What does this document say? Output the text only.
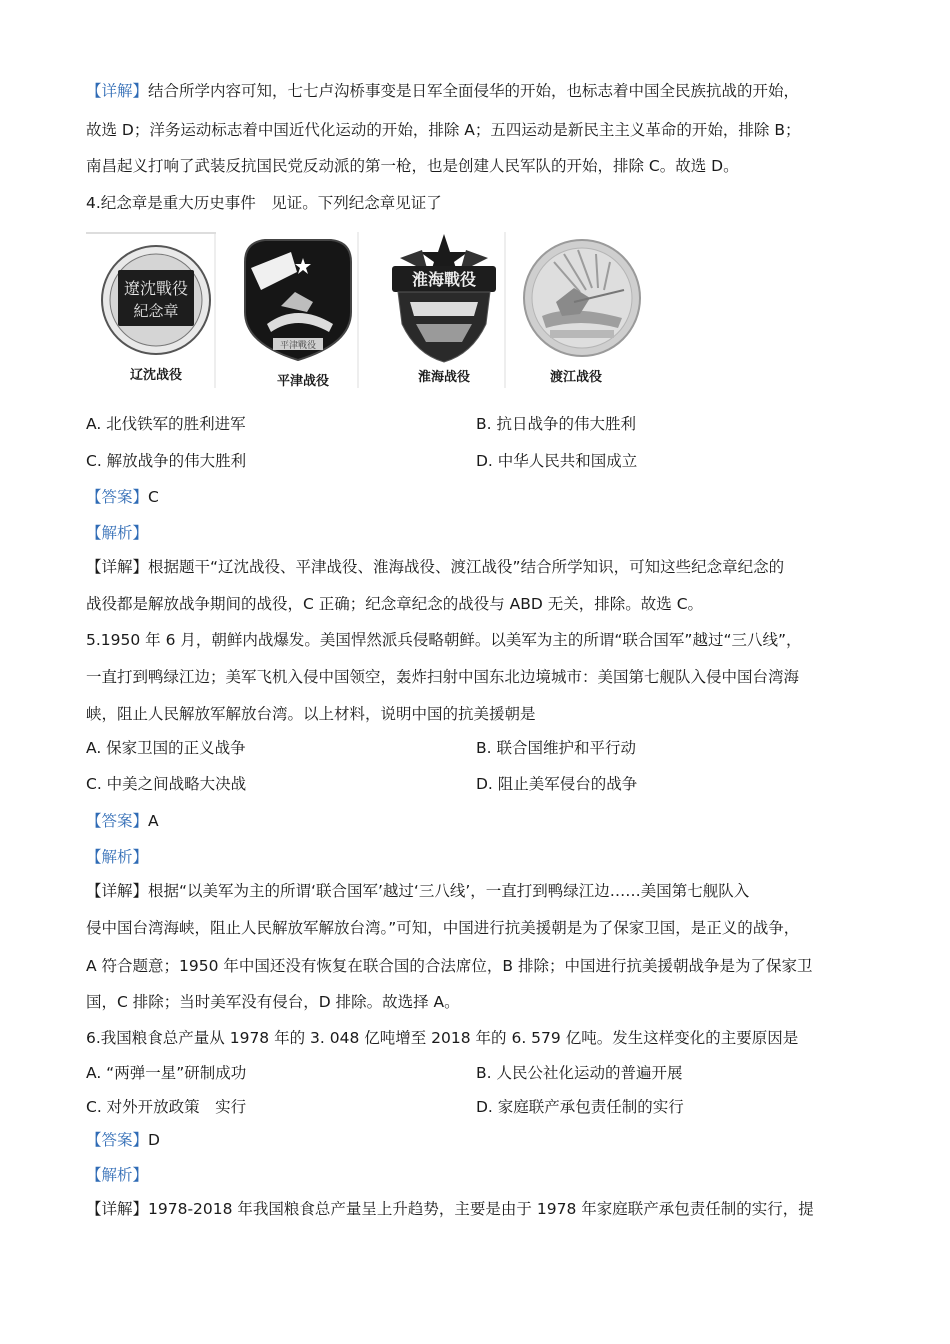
【详解】结合所学内容可知，七七卢沟桥事变是日军全面侵华的开始，也标志着中国全民族抗战的开始，
故选 D；洋务运动标志着中国近代化运动的开始，排除 A；五四运动是新民主主义革命的开始，排除 B；
南昌起义打响了武装反抗国民党反动派的第一枪，也是创建人民军队的开始，排除 C。故选 D。
4.纪念章是重大历史事件　见证。下列纪念章见证了
遼沈戰役
紀念章
辽沈战役
平津戰役
平津战役
淮海戰役
淮海战役	渡江战役
A. 北伐铁军的胜利进军	B. 抗日战争的伟大胜利
C. 解放战争的伟大胜利	D. 中华人民共和国成立
【答案】C
【解析】
【详解】根据题干“辽沈战役、平津战役、淮海战役、渡江战役”结合所学知识，可知这些纪念章纪念的
战役都是解放战争期间的战役，C 正确；纪念章纪念的战役与 ABD 无关，排除。故选 C。
5.1950 年 6 月，朝鲜内战爆发。美国悍然派兵侵略朝鲜。以美军为主的所谓“联合国军”越过“三八线”，
一直打到鸭绿江边；美军飞机入侵中国领空，轰炸扫射中国东北边境城市：美国第七舰队入侵中国台湾海
峡，阻止人民解放军解放台湾。以上材料，说明中国的抗美援朝是
A. 保家卫国的正义战争	B. 联合国维护和平行动
C. 中美之间战略大决战	D. 阻止美军侵台的战争
【答案】A
【解析】
【详解】根据“以美军为主的所谓‘联合国军’越过‘三八线’，一直打到鸭绿江边……美国第七舰队入
侵中国台湾海峡，阻止人民解放军解放台湾。”可知，中国进行抗美援朝是为了保家卫国，是正义的战争，
A 符合题意；1950 年中国还没有恢复在联合国的合法席位，B 排除；中国进行抗美援朝战争是为了保家卫
国，C 排除；当时美军没有侵台，D 排除。故选择 A。
6.我国粮食总产量从 1978 年的 3. 048 亿吨增至 2018 年的 6. 579 亿吨。发生这样变化的主要原因是
A. “两弹一星”研制成功	B. 人民公社化运动的普遍开展
C. 对外开放政策　实行	D. 家庭联产承包责任制的实行
【答案】D
【解析】
【详解】1978-2018 年我国粮食总产量呈上升趋势，主要是由于 1978 年家庭联产承包责任制的实行，提
